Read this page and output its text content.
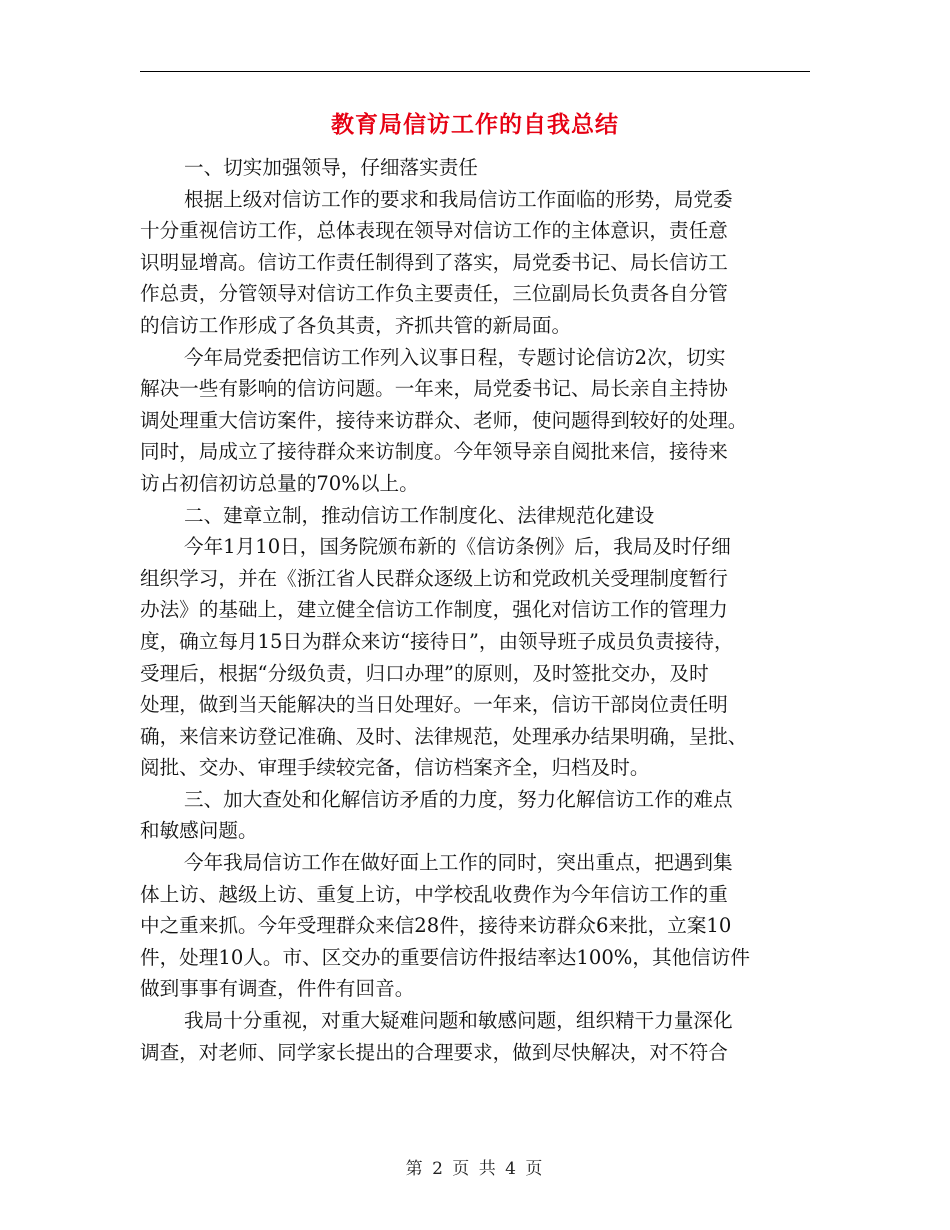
教育局信访工作的自我总结
一、切实加强领导，仔细落实责任
根据上级对信访工作的要求和我局信访工作面临的形势，局党委
十分重视信访工作，总体表现在领导对信访工作的主体意识，责任意
识明显增高。信访工作责任制得到了落实，局党委书记、局长信访工
作总责，分管领导对信访工作负主要责任，三位副局长负责各自分管
的信访工作形成了各负其责，齐抓共管的新局面。
今年局党委把信访工作列入议事日程，专题讨论信访2次，切实
解决一些有影响的信访问题。一年来，局党委书记、局长亲自主持协
调处理重大信访案件，接待来访群众、老师，使问题得到较好的处理。
同时，局成立了接待群众来访制度。今年领导亲自阅批来信，接待来
访占初信初访总量的70%以上。
二、建章立制，推动信访工作制度化、法律规范化建设
今年1月10日，国务院颁布新的《信访条例》后，我局及时仔细
组织学习，并在《浙江省人民群众逐级上访和党政机关受理制度暂行
办法》的基础上，建立健全信访工作制度，强化对信访工作的管理力
度，确立每月15日为群众来访“接待日”，由领导班子成员负责接待，
受理后，根据“分级负责，归口办理”的原则，及时签批交办，及时
处理，做到当天能解决的当日处理好。一年来，信访干部岗位责任明
确，来信来访登记准确、及时、法律规范，处理承办结果明确，呈批、
阅批、交办、审理手续较完备，信访档案齐全，归档及时。
三、加大查处和化解信访矛盾的力度，努力化解信访工作的难点
和敏感问题。
今年我局信访工作在做好面上工作的同时，突出重点，把遇到集
体上访、越级上访、重复上访，中学校乱收费作为今年信访工作的重
中之重来抓。今年受理群众来信28件，接待来访群众6来批，立案10
件，处理10人。市、区交办的重要信访件报结率达100%，其他信访件
做到事事有调查，件件有回音。
我局十分重视，对重大疑难问题和敏感问题，组织精干力量深化
调查，对老师、同学家长提出的合理要求，做到尽快解决，对不符合
第 2 页 共 4 页
